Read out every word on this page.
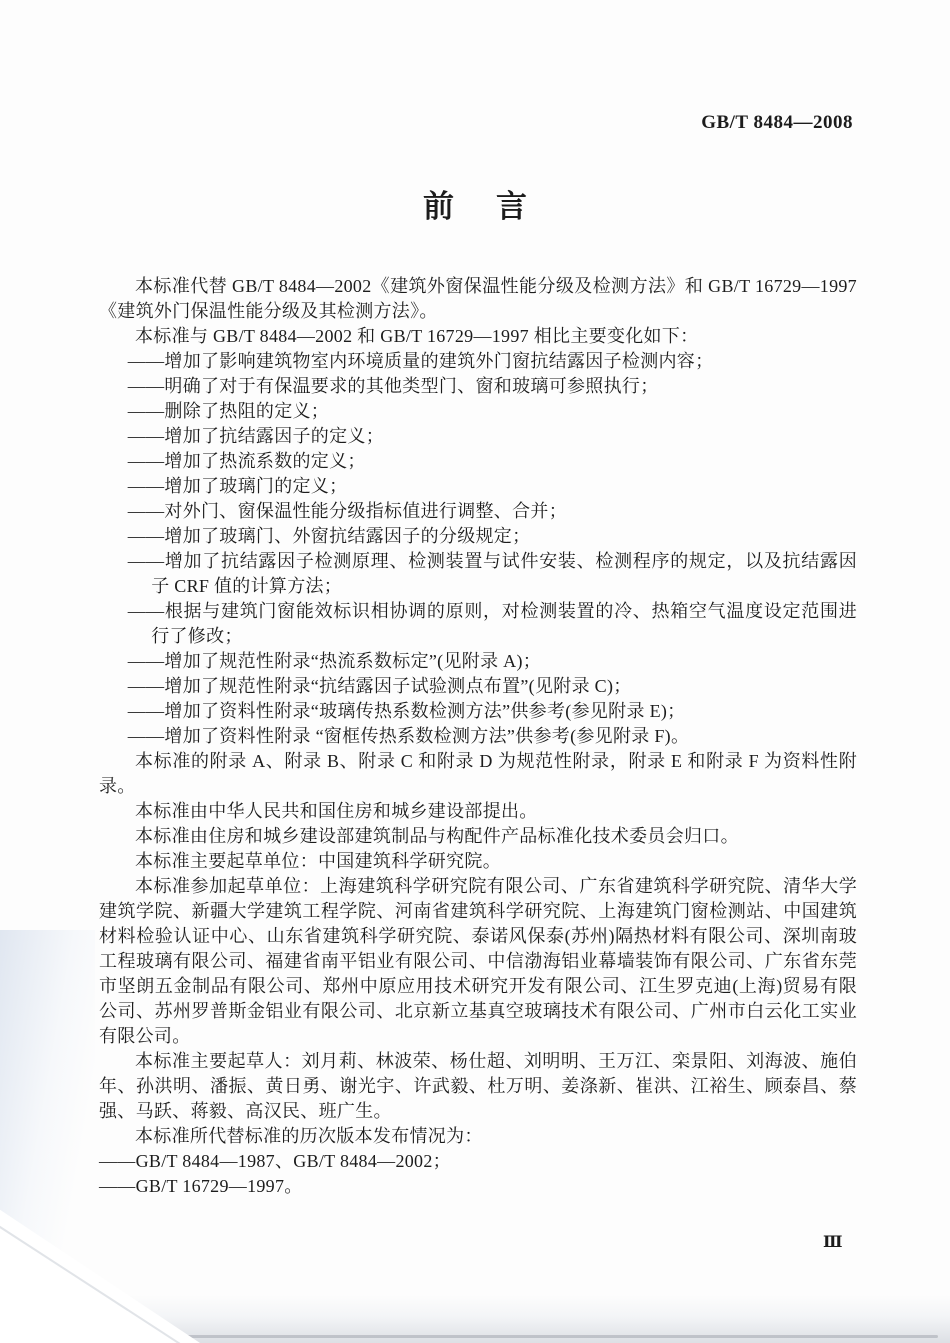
GB/T 8484—2008
前言

本标准代替 GB/T 8484—2002《建筑外窗保温性能分级及检测方法》和 GB/T 16729—1997《建筑外门保温性能分级及其检测方法》。

本标准与 GB/T 8484—2002 和 GB/T 16729—1997 相比主要变化如下：

——增加了影响建筑物室内环境质量的建筑外门窗抗结露因子检测内容；

——明确了对于有保温要求的其他类型门、窗和玻璃可参照执行；

——删除了热阻的定义；

——增加了抗结露因子的定义；

——增加了热流系数的定义；

——增加了玻璃门的定义；

——对外门、窗保温性能分级指标值进行调整、合并；

——增加了玻璃门、外窗抗结露因子的分级规定；

——增加了抗结露因子检测原理、检测装置与试件安装、检测程序的规定，以及抗结露因子 CRF 值的计算方法；

——根据与建筑门窗能效标识相协调的原则，对检测装置的冷、热箱空气温度设定范围进行了修改；

——增加了规范性附录“热流系数标定”(见附录 A)；

——增加了规范性附录“抗结露因子试验测点布置”(见附录 C)；

——增加了资料性附录“玻璃传热系数检测方法”供参考(参见附录 E)；

——增加了资料性附录 “窗框传热系数检测方法”供参考(参见附录 F)。

本标准的附录 A、附录 B、附录 C 和附录 D 为规范性附录，附录 E 和附录 F 为资料性附录。

本标准由中华人民共和国住房和城乡建设部提出。

本标准由住房和城乡建设部建筑制品与构配件产品标准化技术委员会归口。

本标准主要起草单位：中国建筑科学研究院。

本标准参加起草单位：上海建筑科学研究院有限公司、广东省建筑科学研究院、清华大学建筑学院、新疆大学建筑工程学院、河南省建筑科学研究院、上海建筑门窗检测站、中国建筑材料检验认证中心、山东省建筑科学研究院、泰诺风保泰(苏州)隔热材料有限公司、深圳南玻工程玻璃有限公司、福建省南平铝业有限公司、中信渤海铝业幕墙装饰有限公司、广东省东莞市坚朗五金制品有限公司、郑州中原应用技术研究开发有限公司、江生罗克迪(上海)贸易有限公司、苏州罗普斯金铝业有限公司、北京新立基真空玻璃技术有限公司、广州市白云化工实业有限公司。

本标准主要起草人：刘月莉、林波荣、杨仕超、刘明明、王万江、栾景阳、刘海波、施伯年、孙洪明、潘振、黄日勇、谢光宇、许武毅、杜万明、姜涤新、崔洪、江裕生、顾泰昌、蔡强、马跃、蒋毅、高汉民、班广生。

本标准所代替标准的历次版本发布情况为：

——GB/T 8484—1987、GB/T 8484—2002；

——GB/T 16729—1997。

Ⅲ
